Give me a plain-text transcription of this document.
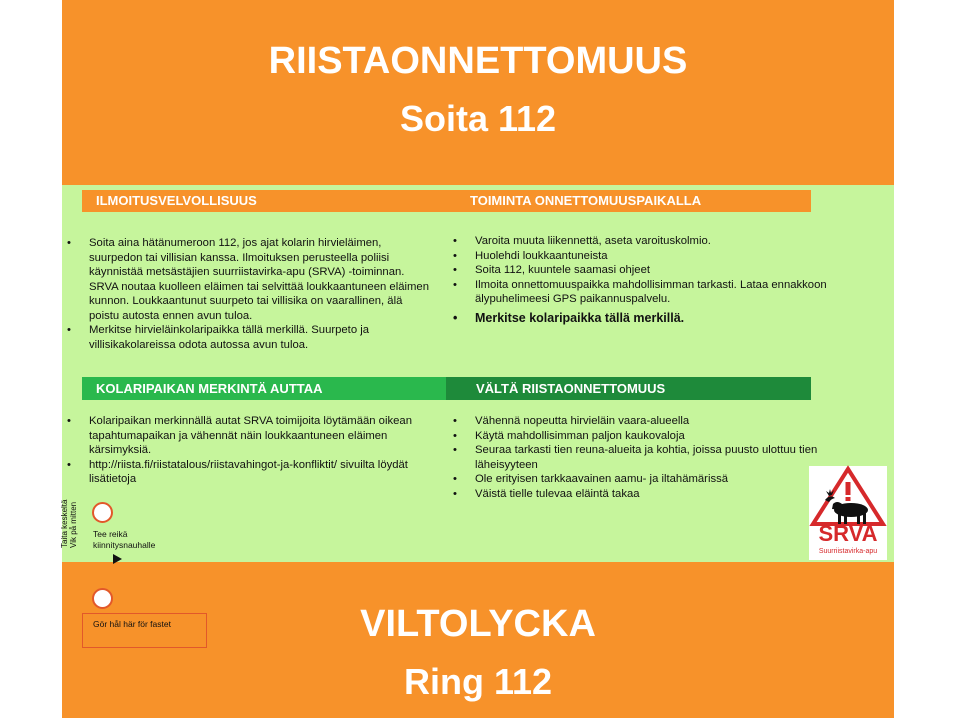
RIISTAONNETTOMUUS
Soita 112
VILTOLYCKA
Ring 112
ILMOITUSVELVOLLISUUS	TOIMINTA ONNETTOMUUSPAIKALLA
KOLARIPAIKAN MERKINTÄ AUTTAA	VÄLTÄ RIISTAONNETTOMUUS
• Soita aina hätänumeroon 112, jos ajat kolarin hirvieläimen, suurpedon tai villisian kanssa. Ilmoituksen perusteella poliisi käynnistää metsästäjien suurriistavirka-apu (SRVA) -toiminnan. SRVA noutaa kuolleen eläimen tai selvittää loukkaantuneen eläimen kunnon. Loukkaantunut suurpeto tai villisika on vaarallinen, älä poistu autosta ennen avun tuloa.
• Merkitse hirvieläinkolaripaikka tällä merkillä. Suurpeto ja villisikakolareissa odota autossa avun tuloa.
• Varoita muuta liikennettä, aseta varoituskolmio.
• Huolehdi loukkaantuneista
• Soita 112, kuuntele saamasi ohjeet
• Ilmoita onnettomuuspaikka mahdollisimman tarkasti. Lataa ennakkoon älypuhelimeesi GPS paikannuspalvelu.
• Merkitse kolaripaikka tällä merkillä.
• Kolaripaikan merkinnällä autat SRVA toimijoita löytämään oikean tapahtumapaikan ja vähennät näin loukkaantuneen eläimen kärsimyksiä.
• http://riista.fi/riistatalous/riistavahingot-ja-konfliktit/ sivuilta löydät lisätietoja
• Vähennä nopeutta hirvieläin vaara-alueella
• Käytä mahdollisimman paljon kaukovaloja
• Seuraa tarkasti tien reuna-alueita ja kohtia, joissa puusto ulottuu tien läheisyyteen
• Ole erityisen tarkkaavainen aamu- ja iltahämärissä
• Väistä tielle tulevaa eläintä takaa
Tee reikä kiinnitysnauhalle
Taita keskeltä Vik på mitten
Gör hål här för fastet
SRVA
Suurriistavirka-apu
